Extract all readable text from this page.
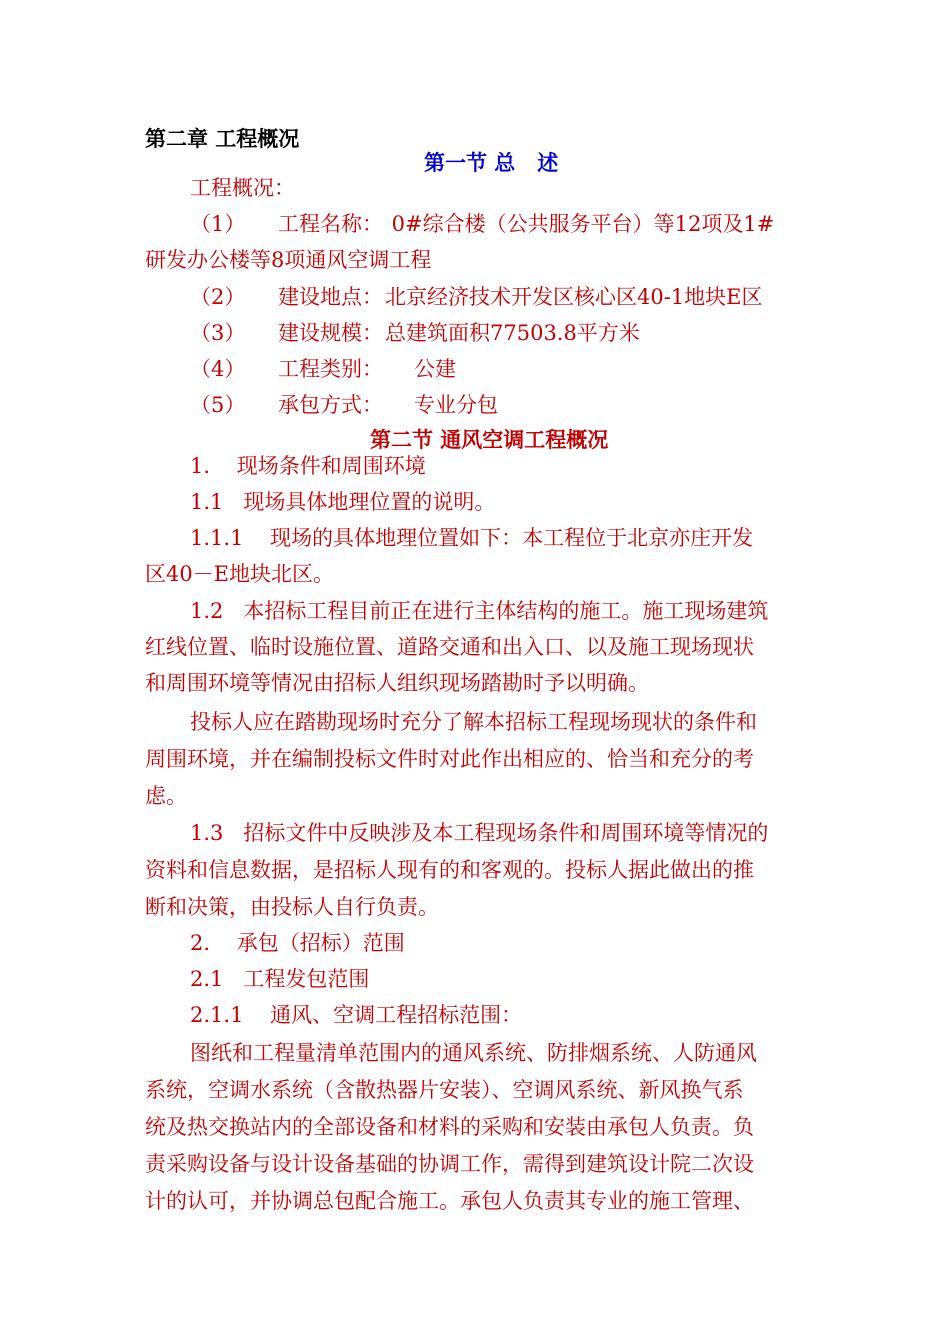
第二章 工程概况
第一节 总   述
工程概况：
（1） 工程名称： 0#综合楼（公共服务平台）等12项及1#
研发办公楼等8项通风空调工程
（2） 建设地点： 北京经济技术开发区核心区40-1地块E区
（3） 建设规模： 总建筑面积77503.8平方米
（4） 工程类别： 公建
（5） 承包方式： 专业分包
第二节 通风空调工程概况
1.    现场条件和周围环境
1.1   现场具体地理位置的说明。
1.1.1    现场的具体地理位置如下：本工程位于北京亦庄开发
区40－E地块北区。
1.2   本招标工程目前正在进行主体结构的施工。施工现场建筑
红线位置、临时设施位置、道路交通和出入口、以及施工现场现状
和周围环境等情况由招标人组织现场踏勘时予以明确。
投标人应在踏勘现场时充分了解本招标工程现场现状的条件和
周围环境，并在编制投标文件时对此作出相应的、恰当和充分的考
虑。
1.3   招标文件中反映涉及本工程现场条件和周围环境等情况的
资料和信息数据，是招标人现有的和客观的。投标人据此做出的推
断和决策，由投标人自行负责。
2.    承包（招标）范围
2.1   工程发包范围
2.1.1    通风、空调工程招标范围：
图纸和工程量清单范围内的通风系统、防排烟系统、人防通风
系统，空调水系统（含散热器片安装）、空调风系统、新风换气系
统及热交换站内的全部设备和材料的采购和安装由承包人负责。负
责采购设备与设计设备基础的协调工作，需得到建筑设计院二次设
计的认可，并协调总包配合施工。承包人负责其专业的施工管理、
